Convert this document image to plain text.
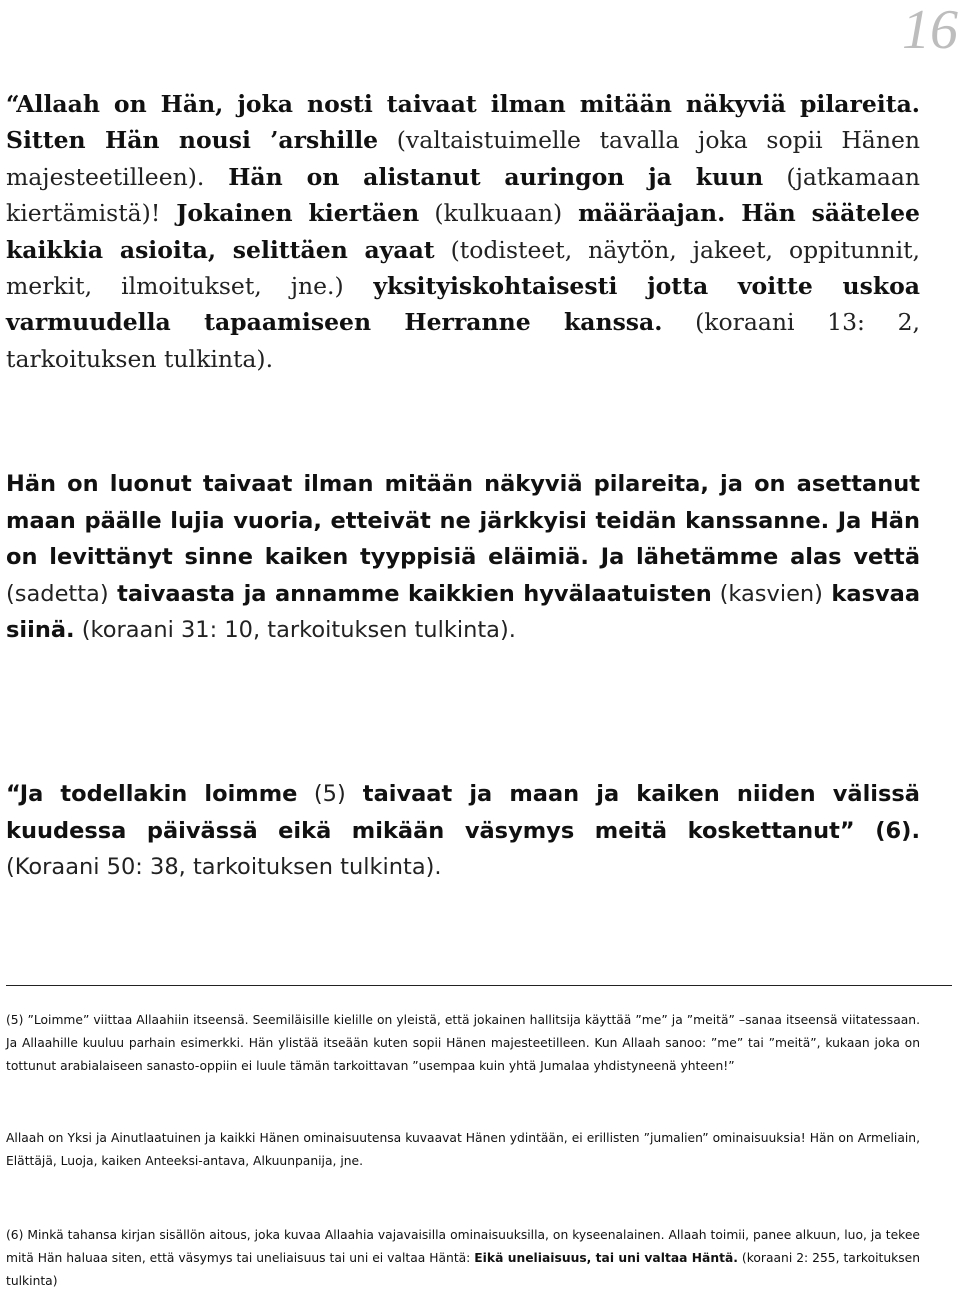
16

“Allaah on Hän, joka nosti taivaat ilman mitään näkyviä pilareita. Sitten Hän nousi ’arshille (valtaistuimelle tavalla joka sopii Hänen majesteetilleen). Hän on alistanut auringon ja kuun (jatkamaan kiertämistä)! Jokainen kiertäen (kulkuaan) määräajan. Hän säätelee kaikkia asioita, selittäen ayaat (todisteet, näytön, jakeet, oppitunnit, merkit, ilmoitukset, jne.) yksityiskohtaisesti jotta voitte uskoa varmuudella tapaamiseen Herranne kanssa. (koraani 13: 2, tarkoituksen tulkinta).

Hän on luonut taivaat ilman mitään näkyviä pilareita, ja on asettanut maan päälle lujia vuoria, etteivät ne järkkyisi teidän kanssanne. Ja Hän on levittänyt sinne kaiken tyyppisiä eläimiä. Ja lähetämme alas vettä (sadetta) taivaasta ja annamme kaikkien hyvälaatuisten (kasvien) kasvaa siinä. (koraani 31: 10, tarkoituksen tulkinta).

“Ja todellakin loimme (5) taivaat ja maan ja kaiken niiden välissä kuudessa päivässä eikä mikään väsymys meitä koskettanut” (6). (Koraani 50: 38, tarkoituksen tulkinta).

(5) ”Loimme” viittaa Allaahiin itseensä. Seemiläisille kielille on yleistä, että jokainen hallitsija käyttää ”me” ja ”meitä” –sanaa itseensä viitatessaan. Ja Allaahille kuuluu parhain esimerkki. Hän ylistää itseään kuten sopii Hänen majesteetilleen. Kun Allaah sanoo: ”me” tai ”meitä”, kukaan joka on tottunut arabialaiseen sanasto-oppiin ei luule tämän tarkoittavan ”usempaa kuin yhtä Jumalaa yhdistyneenä yhteen!”

Allaah on Yksi ja Ainutlaatuinen ja kaikki Hänen ominaisuutensa kuvaavat Hänen ydintään, ei erillisten ”jumalien” ominaisuuksia! Hän on Armeliain, Elättäjä, Luoja, kaiken Anteeksi-antava, Alkuunpanija, jne.

(6) Minkä tahansa kirjan sisällön aitous, joka kuvaa Allaahia vajavaisilla ominaisuuksilla, on kyseenalainen. Allaah toimii, panee alkuun, luo, ja tekee mitä Hän haluaa siten, että väsymys tai uneliaisuus tai uni ei valtaa Häntä: Eikä uneliaisuus, tai uni valtaa Häntä. (koraani 2: 255, tarkoituksen tulkinta)
